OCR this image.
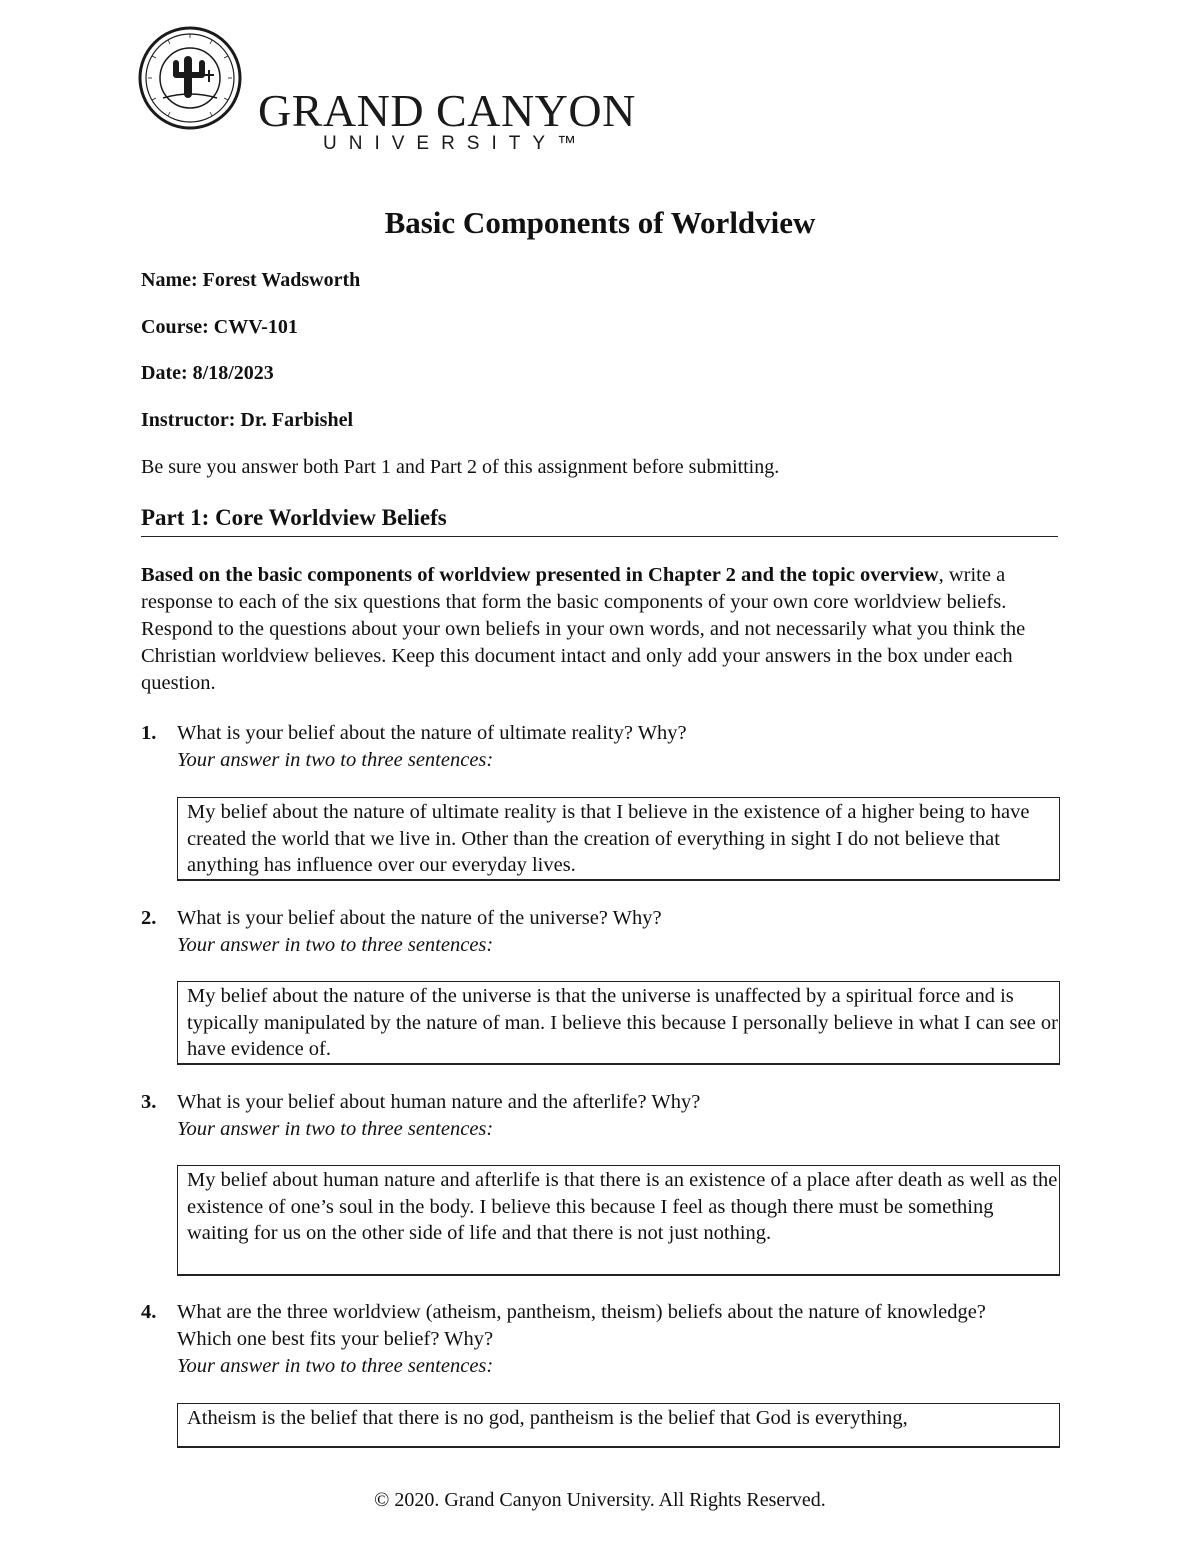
GRAND CANYON
UNIVERSITY™
Basic Components of Worldview
Name: Forest Wadsworth
Course: CWV-101
Date: 8/18/2023
Instructor: Dr. Farbishel
Be sure you answer both Part 1 and Part 2 of this assignment before submitting.
Part 1: Core Worldview Beliefs
Based on the basic components of worldview presented in Chapter 2 and the topic overview, write a response to each of the six questions that form the basic components of your own core worldview beliefs. Respond to the questions about your own beliefs in your own words, and not necessarily what you think the Christian worldview believes. Keep this document intact and only add your answers in the box under each question.
1. What is your belief about the nature of ultimate reality? Why?
Your answer in two to three sentences:
My belief about the nature of ultimate reality is that I believe in the existence of a higher being to have created the world that we live in. Other than the creation of everything in sight I do not believe that anything has influence over our everyday lives.
2. What is your belief about the nature of the universe? Why?
Your answer in two to three sentences:
My belief about the nature of the universe is that the universe is unaffected by a spiritual force and is typically manipulated by the nature of man. I believe this because I personally believe in what I can see or have evidence of.
3. What is your belief about human nature and the afterlife? Why?
Your answer in two to three sentences:
My belief about human nature and afterlife is that there is an existence of a place after death as well as the existence of one’s soul in the body. I believe this because I feel as though there must be something waiting for us on the other side of life and that there is not just nothing.
4. What are the three worldview (atheism, pantheism, theism) beliefs about the nature of knowledge? Which one best fits your belief? Why?
Your answer in two to three sentences:
Atheism is the belief that there is no god, pantheism is the belief that God is everything,
© 2020. Grand Canyon University. All Rights Reserved.
